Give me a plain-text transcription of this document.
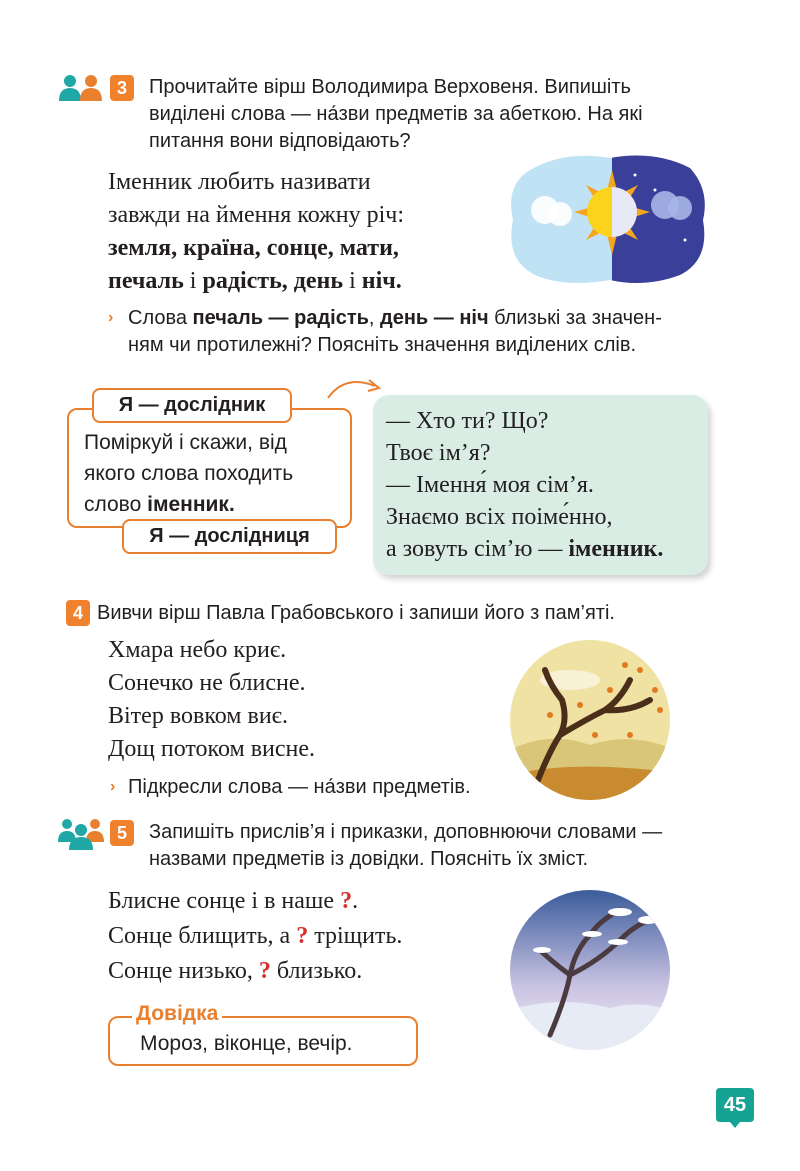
3	Прочитайте вірш Володимира Верховеня. Випишіть
виділені слова — на́зви предметів за абеткою. На які
питання вони відповідають?
Іменник любить називати
завжди на ймення кожну річ:
земля, країна, сонце, мати,
печаль і радість, день і ніч.
› Слова печаль — радість, день — ніч близькі за значен-
ням чи протилежні? Поясніть значення виділених слів.
Я — дослідник
Поміркуй і скажи, від
якого слова походить
слово іменник.
Я — дослідниця
— Хто ти? Що?
Твоє ім’я?
— Імення́ моя сім’я.
Знаємо всіх поіме́нно,
а зовуть сім’ю — іменник.
4 Вивчи вірш Павла Грабовського і запиши його з пам’яті.
Хмара небо криє.
Сонечко не блисне.
Вітер вовком виє.
Дощ потоком висне.
› Підкресли слова — на́зви предметів.
5	Запишіть прислів’я і приказки, доповнюючи словами —
назвами предметів із довідки. Поясніть їх зміст.
Блисне сонце і в наше ?.
Сонце блищить, а ? тріщить.
Сонце низько, ? близько.
Довідка
Мороз, віконце, вечір.
45
